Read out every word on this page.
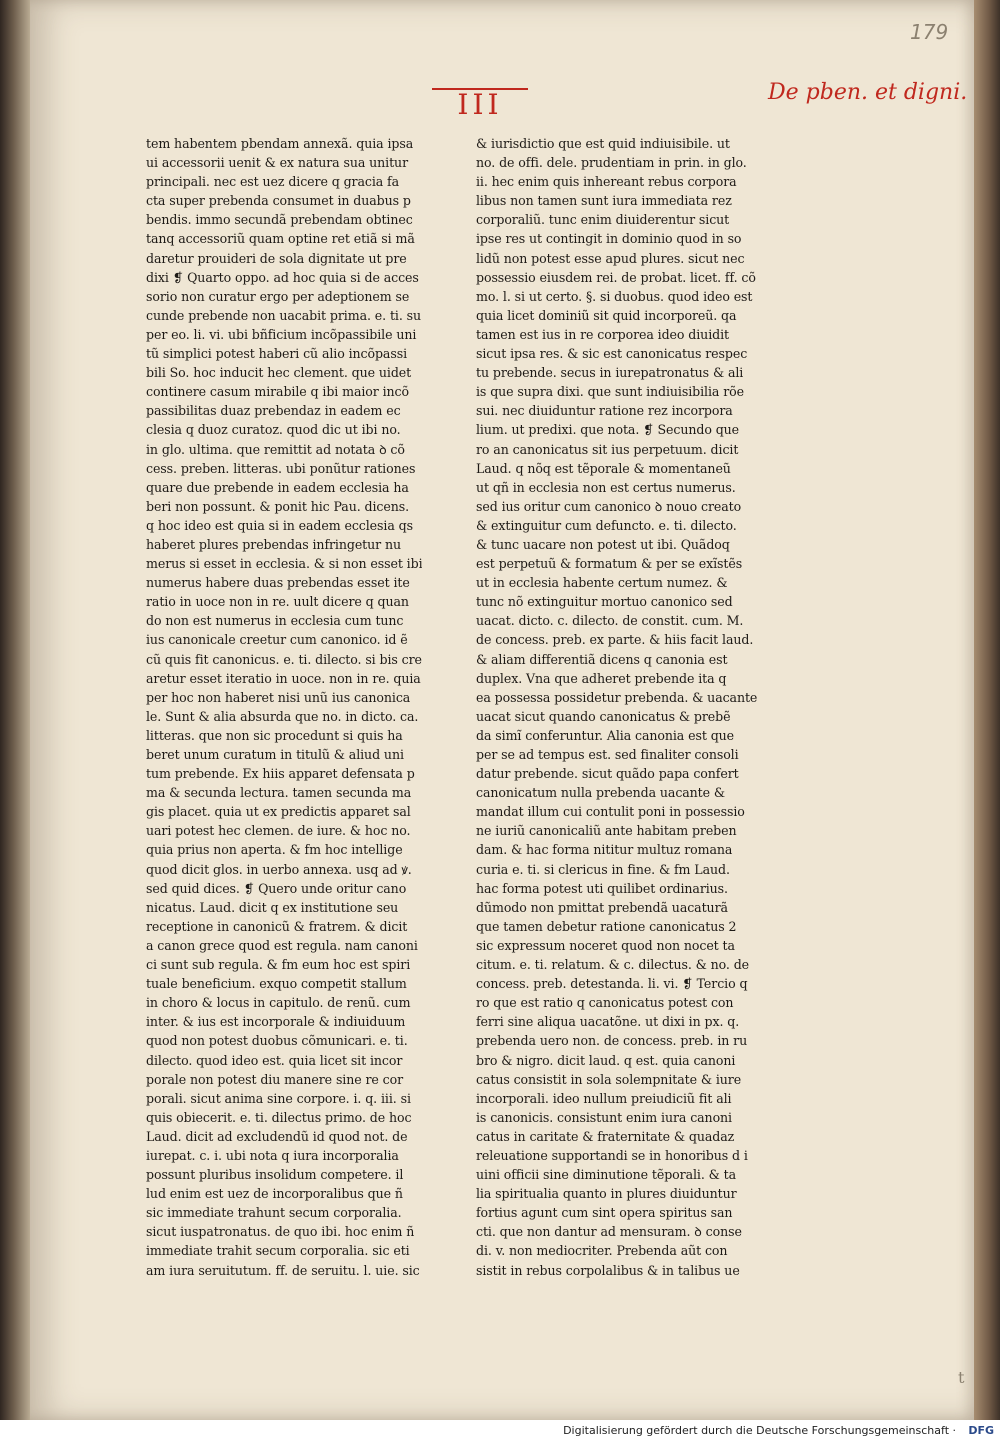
179
III	De pben. et digni.
tem habentem pbendam annexã. quia ipsa
ui accessorii uenit & ex natura sua unitur
principali. nec est uez dicere q gracia fa
cta super prebenda consumet in duabus p
bendis. immo secundã prebendam obtinec
tanq accessoriũ quam optine ret etiã si mã
daretur prouideri de sola dignitate ut pre
dixi ❡ Quarto oppo. ad hoc quia si de acces
sorio non curatur ergo per adeptionem se
cunde prebende non uacabit prima. e. ti. su
per eo. li. vi. ubi bñficium incõpassibile uni
tũ simplici potest haberi cũ alio incõpassi
bili So. hoc inducit hec clement. que uidet
continere casum mirabile q ibi maior incõ
passibilitas duaz prebendaz in eadem ec
clesia q duoz curatoz. quod dic ut ibi no.
in glo. ultima. que remittit ad notata ꝺ cõ
cess. preben. litteras. ubi ponũtur rationes
quare due prebende in eadem ecclesia ha
beri non possunt. & ponit hic Pau. dicens.
q hoc ideo est quia si in eadem ecclesia qs
haberet plures prebendas infringetur nu
merus si esset in ecclesia. & si non esset ibi
numerus habere duas prebendas esset ite
ratio in uoce non in re. uult dicere q quan
do non est numerus in ecclesia cum tunc
ius canonicale creetur cum canonico. id ẽ
cũ quis fit canonicus. e. ti. dilecto. si bis cre
aretur esset iteratio in uoce. non in re. quia
per hoc non haberet nisi unũ ius canonica
le. Sunt & alia absurda que no. in dicto. ca.
litteras. que non sic procedunt si quis ha
beret unum curatum in titulũ & aliud uni
tum prebende. Ex hiis apparet defensata p
ma & secunda lectura. tamen secunda ma
gis placet. quia ut ex predictis apparet sal
uari potest hec clemen. de iure. & hoc no.
quia prius non aperta. & fm hoc intellige
quod dicit glos. in uerbo annexa. usq ad ꝟ.
sed quid dices. ❡ Quero unde oritur cano
nicatus. Laud. dicit q ex institutione seu
receptione in canonicũ & fratrem. & dicit
a canon grece quod est regula. nam canoni
ci sunt sub regula. & fm eum hoc est spiri
tuale beneficium. exquo competit stallum
in choro & locus in capitulo. de renũ. cum
inter. & ius est incorporale & indiuiduum
quod non potest duobus cõmunicari. e. ti.
dilecto. quod ideo est. quia licet sit incor
porale non potest diu manere sine re cor
porali. sicut anima sine corpore. i. q. iii. si
quis obiecerit. e. ti. dilectus primo. de hoc
Laud. dicit ad excludendũ id quod not. de
iurepat. c. i. ubi nota q iura incorporalia
possunt pluribus insolidum competere. il
lud enim est uez de incorporalibus que ñ
sic immediate trahunt secum corporalia.
sicut iuspatronatus. de quo ibi. hoc enim ñ
immediate trahit secum corporalia. sic eti
am iura seruitutum. ff. de seruitu. l. uie. sic
& iurisdictio que est quid indiuisibile. ut
no. de offi. dele. prudentiam in prin. in glo.
ii. hec enim quis inhereant rebus corpora
libus non tamen sunt iura immediata rez
corporaliũ. tunc enim diuiderentur sicut
ipse res ut contingit in dominio quod in so
lidũ non potest esse apud plures. sicut nec
possessio eiusdem rei. de probat. licet. ff. cõ
mo. l. si ut certo. §. si duobus. quod ideo est
quia licet dominiũ sit quid incorporeũ. qa
tamen est ius in re corporea ideo diuidit
sicut ipsa res. & sic est canonicatus respec
tu prebende. secus in iurepatronatus & ali
is que supra dixi. que sunt indiuisibilia rõe
sui. nec diuiduntur ratione rez incorpora
lium. ut predixi. que nota. ❡ Secundo que
ro an canonicatus sit ius perpetuum. dicit
Laud. q nõq est tẽporale & momentaneũ
ut qñ in ecclesia non est certus numerus.
sed ius oritur cum canonico ꝺ nouo creato
& extinguitur cum defuncto. e. ti. dilecto.
& tunc uacare non potest ut ibi. Quãdoq
est perpetuũ & formatum & per se exĩstẽs
ut in ecclesia habente certum numez. &
tunc nõ extinguitur mortuo canonico sed
uacat. dicto. c. dilecto. de constit. cum. M.
de concess. preb. ex parte. & hiis facit laud.
& aliam differentiã dicens q canonia est
duplex. Vna que adheret prebende ita q
ea possessa possidetur prebenda. & uacante
uacat sicut quando canonicatus & prebẽ
da simĩ conferuntur. Alia canonia est que
per se ad tempus est. sed finaliter consoli
datur prebende. sicut quãdo papa confert
canonicatum nulla prebenda uacante &
mandat illum cui contulit poni in possessio
ne iuriũ canonicaliũ ante habitam preben
dam. & hac forma nititur multuz romana
curia e. ti. si clericus in fine. & fm Laud.
hac forma potest uti quilibet ordinarius.
dũmodo non pmittat prebendã uacaturã
que tamen debetur ratione canonicatus 2
sic expressum noceret quod non nocet ta
citum. e. ti. relatum. & c. dilectus. & no. de
concess. preb. detestanda. li. vi. ❡ Tercio q
ro que est ratio q canonicatus potest con
ferri sine aliqua uacatõne. ut dixi in px. q.
prebenda uero non. de concess. preb. in ru
bro & nigro. dicit laud. q est. quia canoni
catus consistit in sola solempnitate & iure
incorporali. ideo nullum preiudiciũ fit ali
is canonicis. consistunt enim iura canoni
catus in caritate & fraternitate & quadaz
releuatione supportandi se in honoribus d i
uini officii sine diminutione tẽporali. & ta
lia spiritualia quanto in plures diuiduntur
fortius agunt cum sint opera spiritus san
cti. que non dantur ad mensuram. ꝺ conse
di. v. non mediocriter. Prebenda aũt con
sistit in rebus corpolalibus & in talibus ue
t
Digitalisierung gefördert durch die Deutsche Forschungsgemeinschaft · DFG
